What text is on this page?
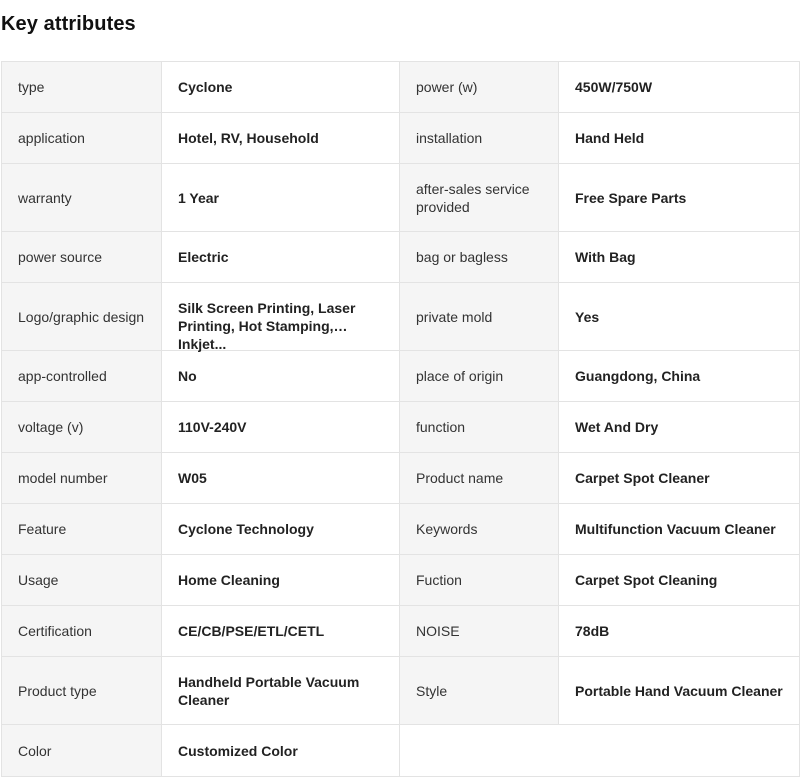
Key attributes
type	Cyclone	power (w)	450W/750W
application	Hotel, RV, Household	installation	Hand Held
warranty	1 Year	after-sales service provided	Free Spare Parts
power source	Electric	bag or bagless	With Bag
Logo/graphic design	Silk Screen Printing, Laser Printing, Hot Stamping, Inkjet...	private mold	Yes
app-controlled	No	place of origin	Guangdong, China
voltage (v)	110V-240V	function	Wet And Dry
model number	W05	Product name	Carpet Spot Cleaner
Feature	Cyclone Technology	Keywords	Multifunction Vacuum Cleaner
Usage	Home Cleaning	Fuction	Carpet Spot Cleaning
Certification	CE/CB/PSE/ETL/CETL	NOISE	78dB
Product type	Handheld Portable Vacuum Cleaner	Style	Portable Hand Vacuum Cleaner
Color	Customized Color		
